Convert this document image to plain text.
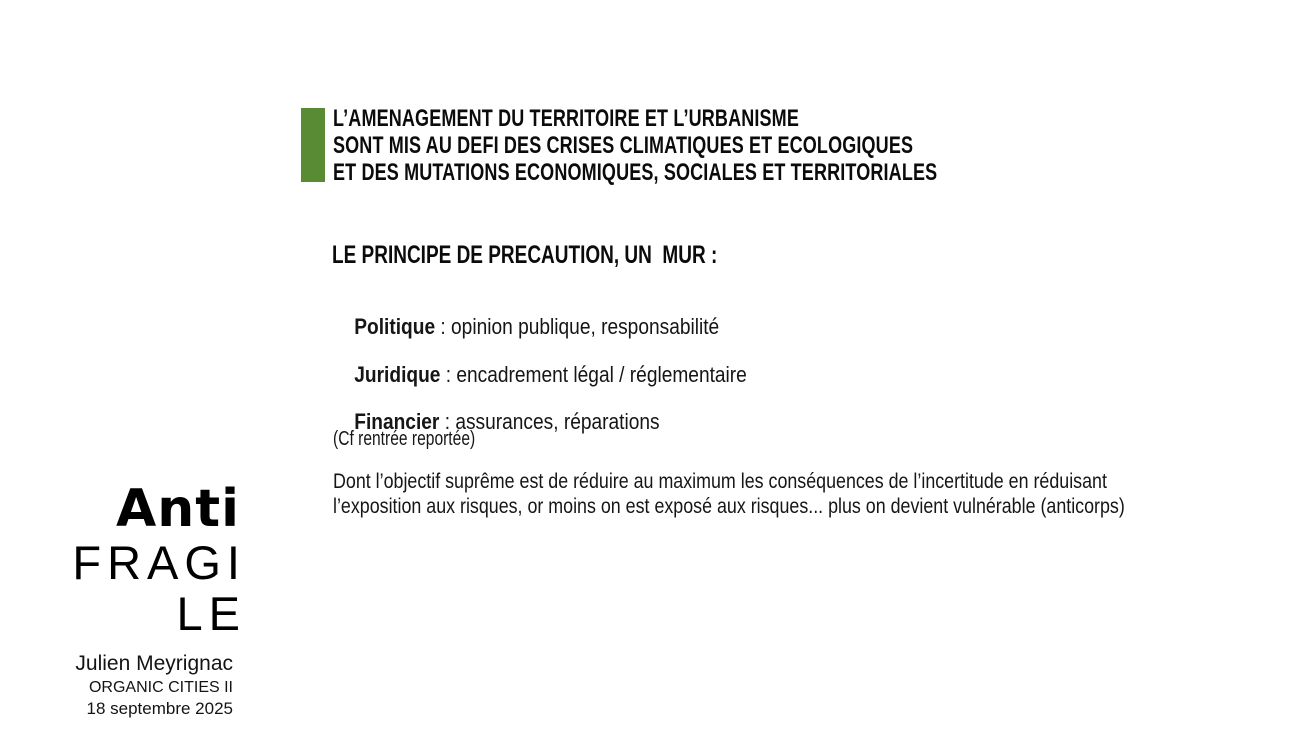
L’AMENAGEMENT DU TERRITOIRE ET L’URBANISME
SONT MIS AU DEFI DES CRISES CLIMATIQUES ET ECOLOGIQUES
ET DES MUTATIONS ECONOMIQUES, SOCIALES ET TERRITORIALES
LE PRINCIPE DE PRECAUTION, UN  MUR :

Politique : opinion publique, responsabilité

Juridique : encadrement légal / réglementaire

Financier : assurances, réparations

(Cf rentrée reportée)
Dont l’objectif suprême est de réduire au maximum les conséquences de l’incertitude en réduisant
l’exposition aux risques, or moins on est exposé aux risques... plus on devient vulnérable (anticorps)
Anti
FRAGI
LE
Julien Meyrignac
ORGANIC CITIES II
18 septembre 2025
